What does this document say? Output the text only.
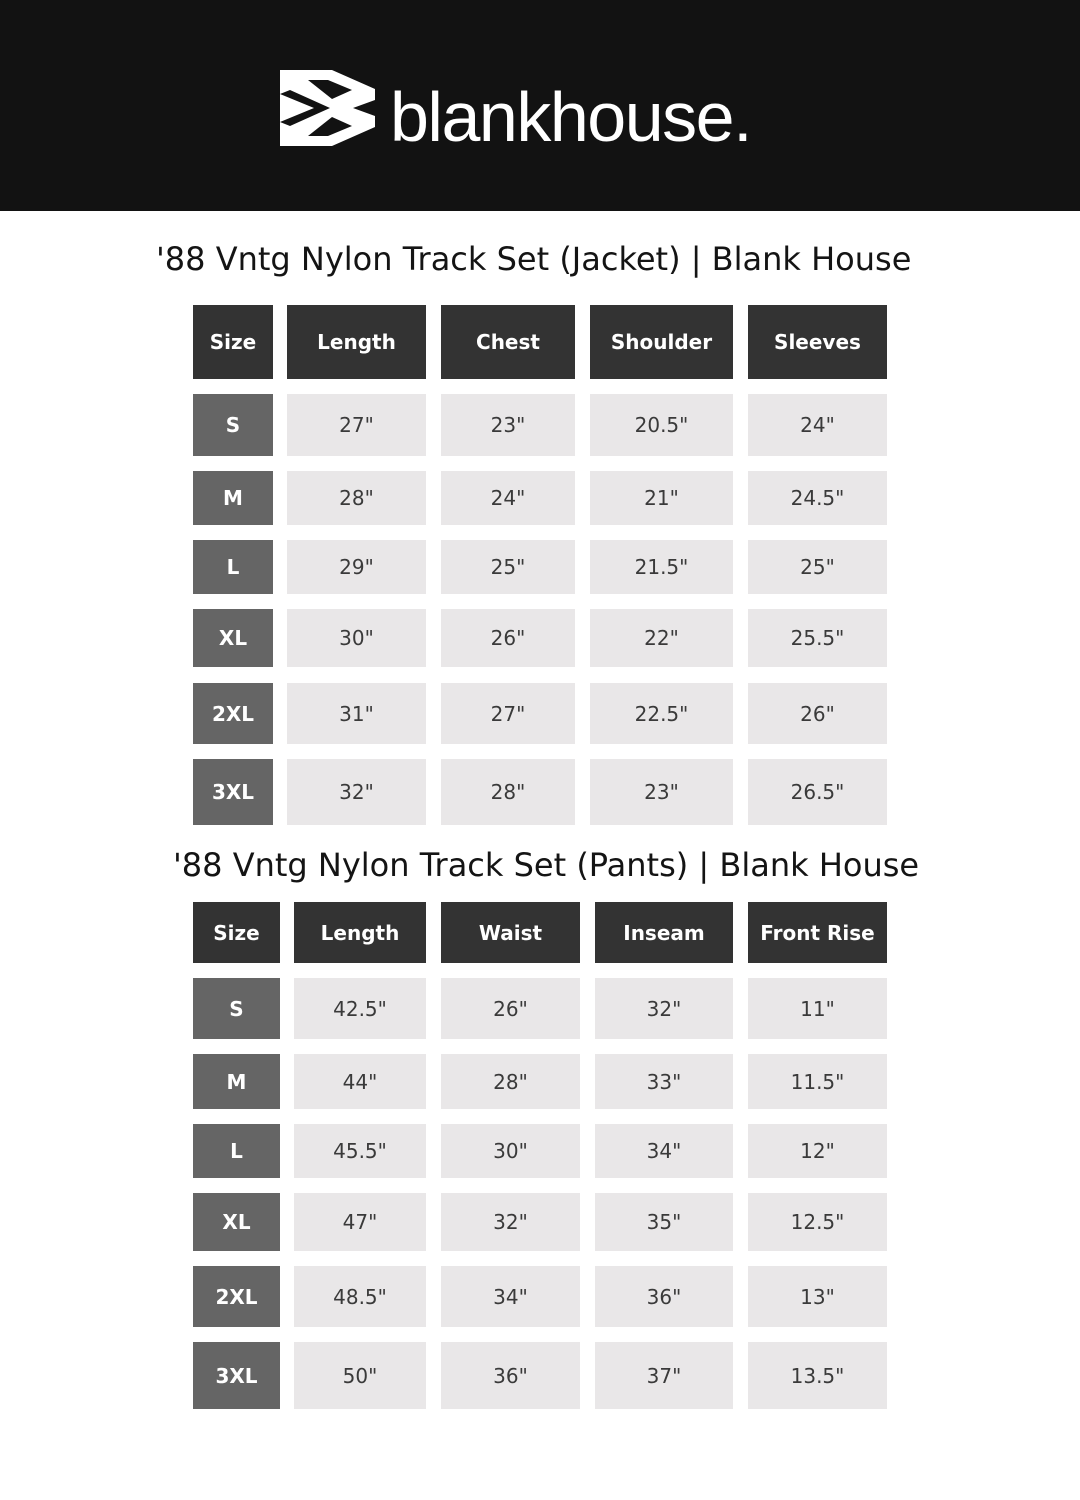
blankhouse.
'88 Vntg Nylon Track Set (Jacket) | Blank House
Size	Length	Chest	Shoulder	Sleeves
S	27"	23"	20.5"	24"
M	28"	24"	21"	24.5"
L	29"	25"	21.5"	25"
XL	30"	26"	22"	25.5"
2XL	31"	27"	22.5"	26"
3XL	32"	28"	23"	26.5"
'88 Vntg Nylon Track Set (Pants) | Blank House
Size	Length	Waist	Inseam	Front Rise
S	42.5"	26"	32"	11"
M	44"	28"	33"	11.5"
L	45.5"	30"	34"	12"
XL	47"	32"	35"	12.5"
2XL	48.5"	34"	36"	13"
3XL	50"	36"	37"	13.5"
